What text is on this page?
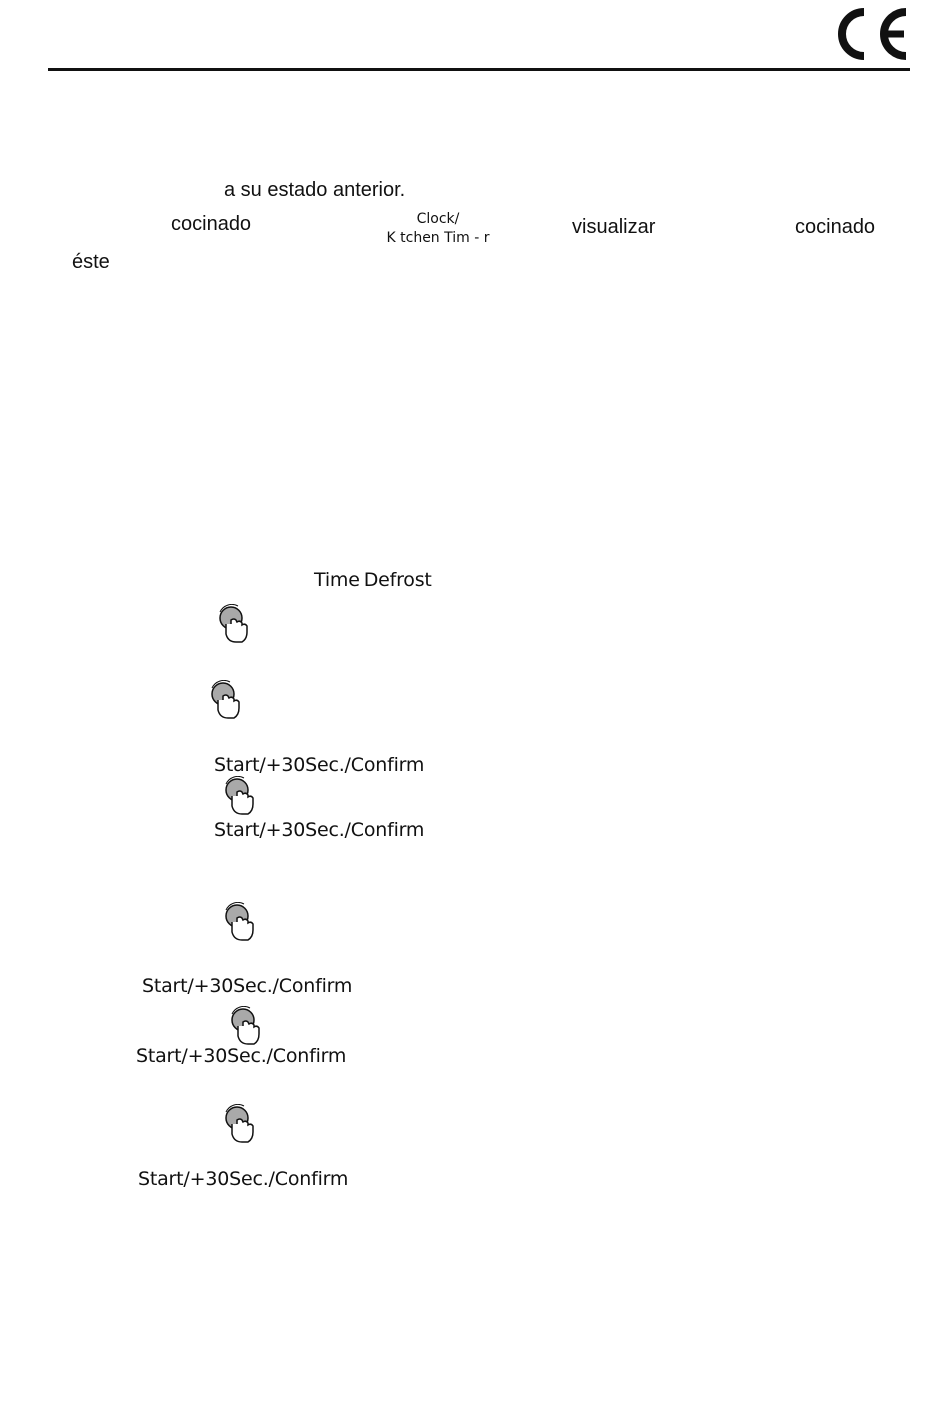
a su estado anterior.
cocinado	Clock/
K tchen Tim - r	visualizar	cocinado
éste
Time Defrost
Start/+30Sec./Confirm
Start/+30Sec./Confirm
Start/+30Sec./Confirm
Start/+30Sec./Confirm
Start/+30Sec./Confirm
